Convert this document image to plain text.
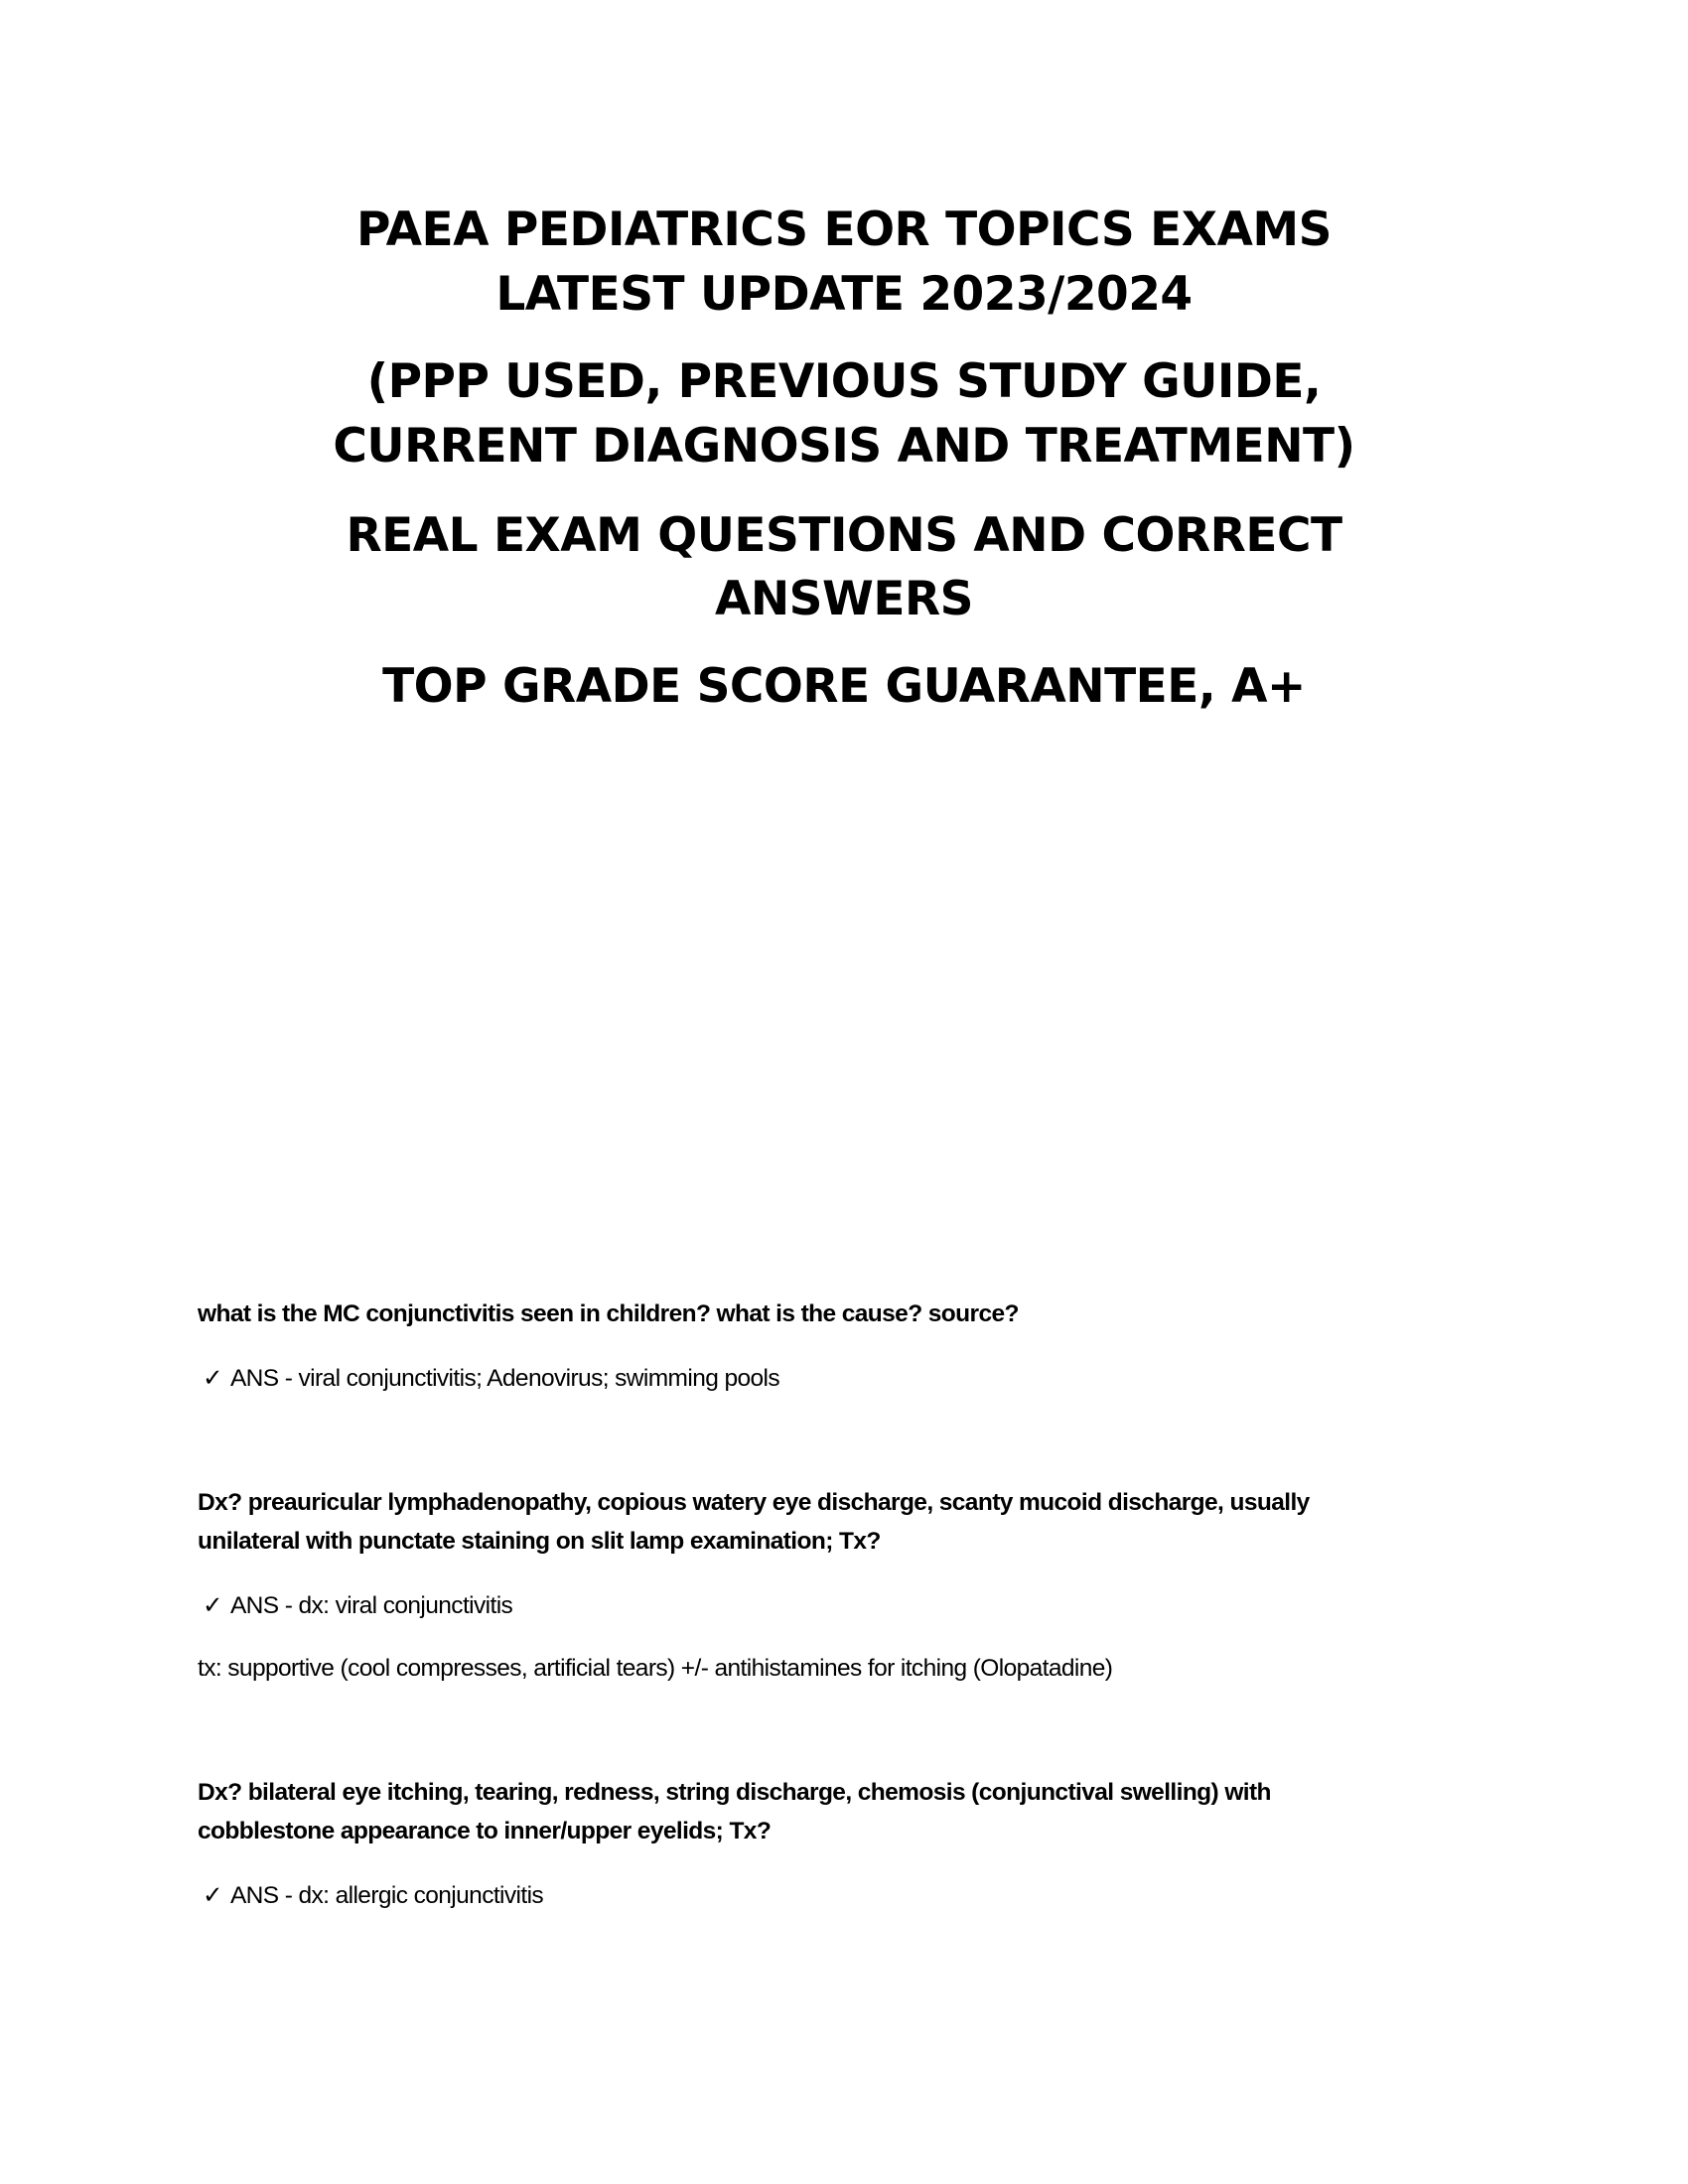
PAEA PEDIATRICS EOR TOPICS EXAMS
LATEST UPDATE 2023/2024
(PPP USED, PREVIOUS STUDY GUIDE,
CURRENT DIAGNOSIS AND TREATMENT)
REAL EXAM QUESTIONS AND CORRECT
ANSWERS
TOP GRADE SCORE GUARANTEE, A+
what is the MC conjunctivitis seen in children? what is the cause? source?
✓ ANS - viral conjunctivitis; Adenovirus; swimming pools
Dx? preauricular lymphadenopathy, copious watery eye discharge, scanty mucoid discharge, usually
unilateral with punctate staining on slit lamp examination; Tx?
✓ ANS - dx: viral conjunctivitis
tx: supportive (cool compresses, artificial tears) +/- antihistamines for itching (Olopatadine)
Dx? bilateral eye itching, tearing, redness, string discharge, chemosis (conjunctival swelling) with
cobblestone appearance to inner/upper eyelids; Tx?
✓ ANS - dx: allergic conjunctivitis
